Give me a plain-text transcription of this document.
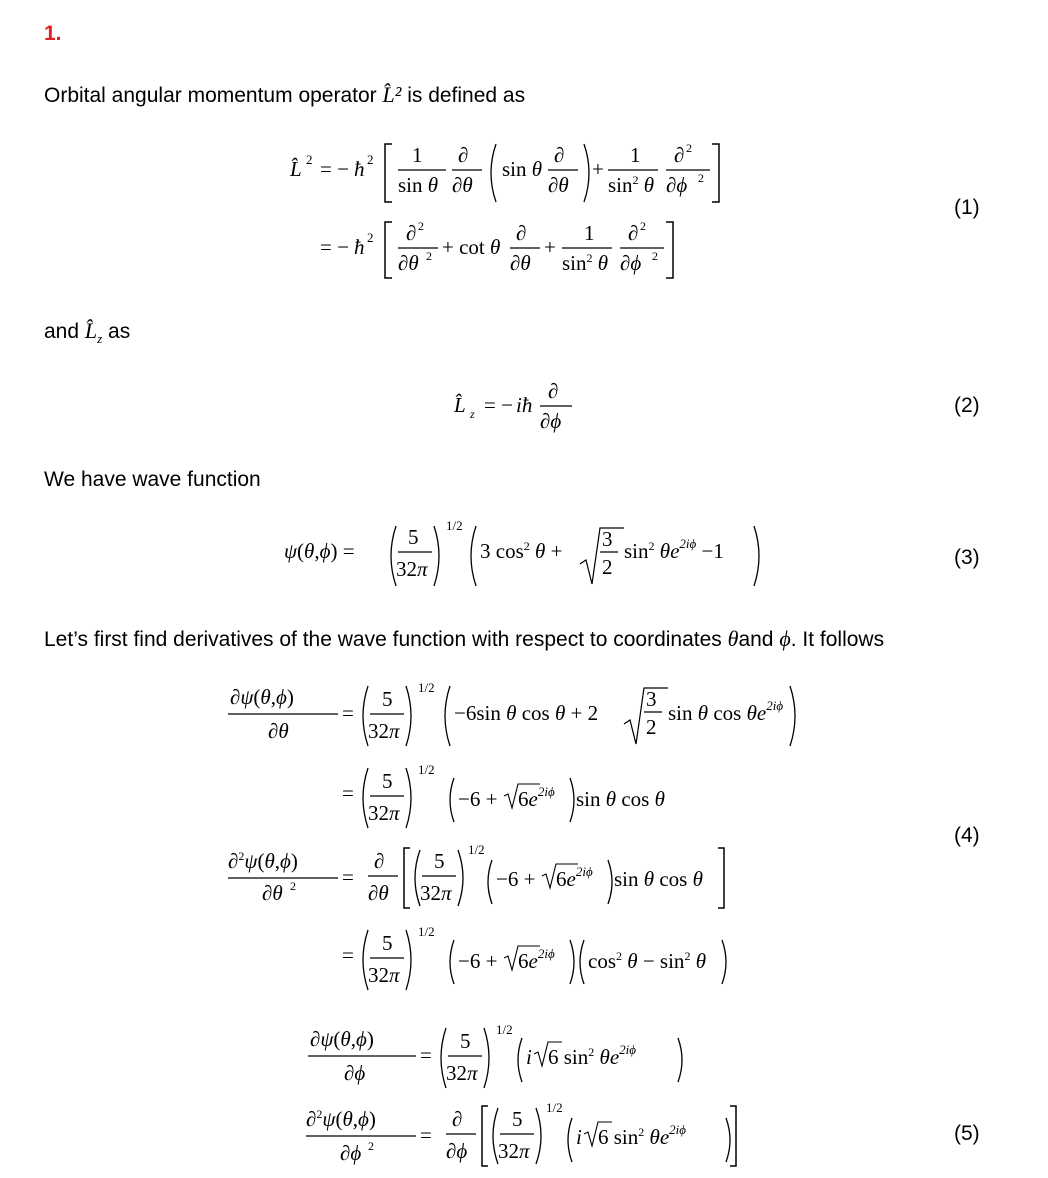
1.
Orbital angular momentum operator L̂² is defined as
L̂ 2 = − ħ 2 1
sin θ
∂
∂θ
sin θ
∂
∂θ
+
1
$\sin^2 \theta$
∂ 2
∂ϕ 2
= − ħ 2 ∂ 2
∂θ 2 + cot θ
∂
∂θ
+
1
$\sin^2 \theta$
∂ 2
∂ϕ 2
(1)
and $L̂_z$ as
L̂ z = − iħ
∂
∂ϕ
(2)
We have wave function
ψ(θ,ϕ) =
5
32π
1/2
3 $\cos^2 \theta + 3$
2
$\sin^2 \theta e^{2i\phi} -1$	(3)
Let’s first find derivatives of the wave function with respect to coordinates θand ϕ. It follows
∂ψ(θ,ϕ)
∂θ
=
5
32π
1/2
−6sin θ cos θ + 2
3
2
sin θ $\cos \theta e^{2i\phi}$
= 5
32π
1/2
$-6 + 6e^{2i\phi}$ sin θ cos θ
∂$^2$ψ(θ,ϕ)
∂θ 2 =
∂
∂θ
5
32π
1/2
$-6 + 6e^{2i\phi}$ sin θ cos θ
= 5
32π
1/2
$-6 + 6e^{2i\phi}$ $\cos^2 \theta - \sin^2 \theta$
(4)
∂ψ(θ,ϕ)
∂ϕ
=
5
32π
1/2
i 6 $\sin^2 \theta e^{2i\phi}$
∂$^2$ψ(θ,ϕ)
∂ϕ 2 =
∂
∂ϕ
5
32π
1/2
i 6 $\sin^2 \theta e^{2i\phi}$	(5)
